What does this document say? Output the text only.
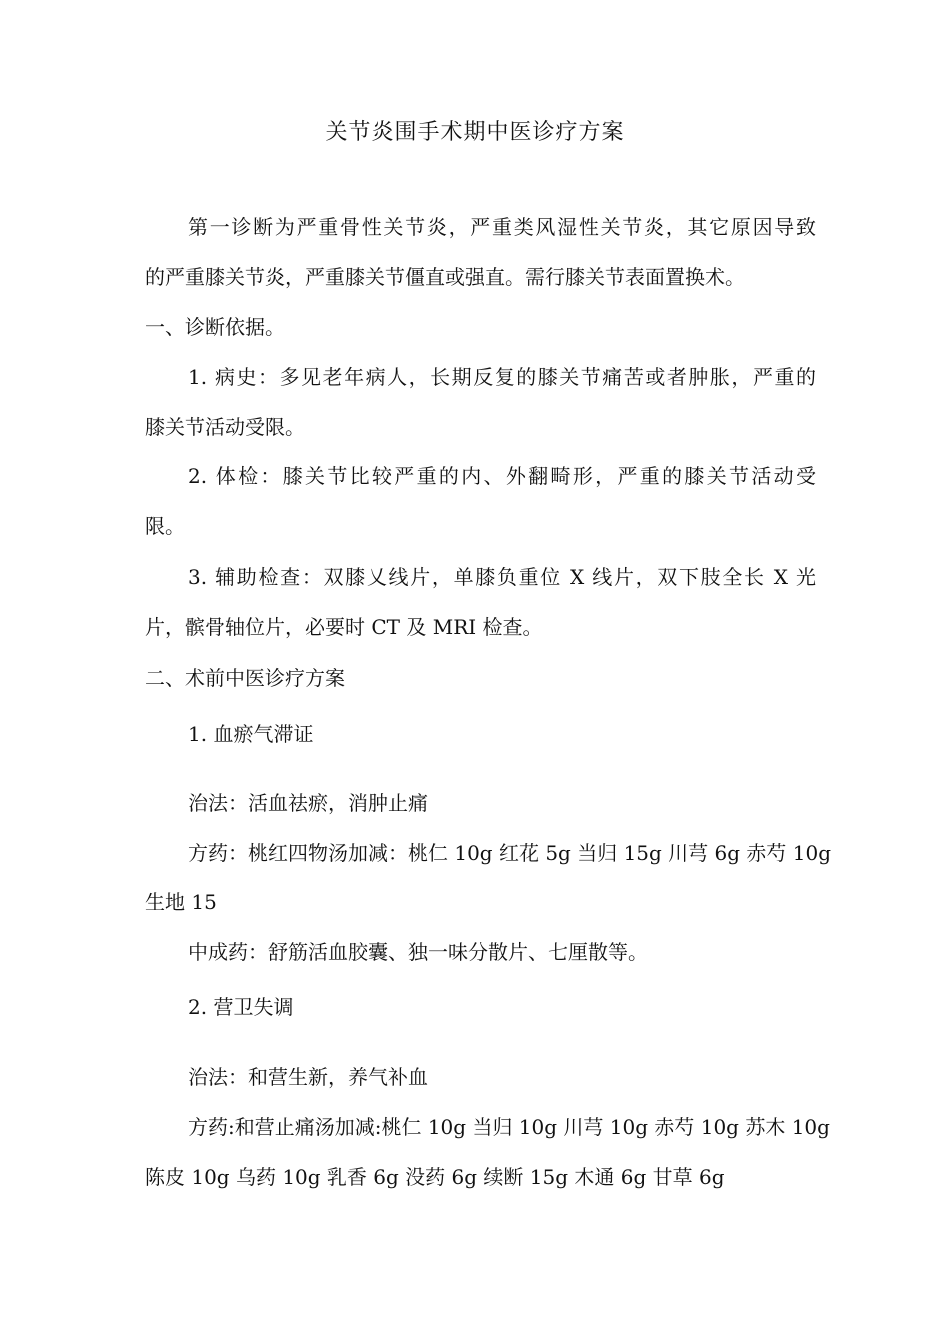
关节炎围手术期中医诊疗方案
第一诊断为严重骨性关节炎，严重类风湿性关节炎，其它原因导致
的严重膝关节炎，严重膝关节僵直或强直。需行膝关节表面置换术。
一、诊断依据。
1. 病史：多见老年病人，长期反复的膝关节痛苦或者肿胀，严重的
膝关节活动受限。
2. 体检：膝关节比较严重的内、外翻畸形，严重的膝关节活动受
限。
3. 辅助检查：双膝乂线片，单膝负重位 X 线片，双下肢全长 X 光
片，髌骨轴位片，必要时 CT 及 MRI 检查。
二、术前中医诊疗方案
1. 血瘀气滞证
治法：活血祛瘀，消肿止痛
方药：桃红四物汤加减：桃仁 10g 红花 5g 当归 15g 川芎 6g 赤芍 10g
生地 15
中成药：舒筋活血胶囊、独一味分散片、七厘散等。
2. 营卫失调
治法：和营生新，养气补血
方药:和营止痛汤加减:桃仁 10g 当归 10g 川芎 10g 赤芍 10g 苏木 10g
陈皮 10g 乌药 10g 乳香 6g 没药 6g 续断 15g 木通 6g 甘草 6g
